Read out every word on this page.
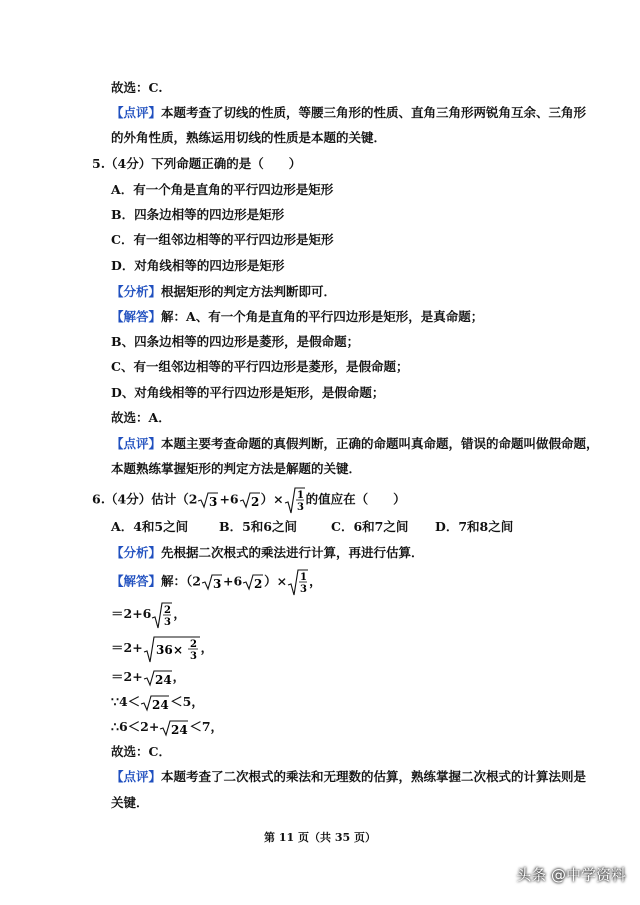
故选：C.
【点评】本题考查了切线的性质，等腰三角形的性质、直角三角形两锐角互余、三角形
的外角性质，熟练运用切线的性质是本题的关键．
5.（4分）下列命题正确的是（　　）
A．有一个角是直角的平行四边形是矩形
B．四条边相等的四边形是矩形
C．有一组邻边相等的平行四边形是矩形
D．对角线相等的四边形是矩形
【分析】根据矩形的判定方法判断即可．
【解答】解：A、有一个角是直角的平行四边形是矩形，是真命题；
B、四条边相等的四边形是菱形，是假命题；
C、有一组邻边相等的平行四边形是菱形，是假命题；
D、对角线相等的平行四边形是矩形，是假命题；
故选：A．
【点评】本题主要考查命题的真假判断，正确的命题叫真命题，错误的命题叫做假命题，
本题熟练掌握矩形的判定方法是解题的关键．
6.（4分）估计（2 3 +6 2 ）× 1
3
的值应在（　　）
A．4和5之间 B．5和6之间	C．6和7之间 D．7和8之间
【分析】先根据二次根式的乘法进行计算，再进行估算．
【解答】解：（2 3 +6 2 ）× 1
3
，
＝2+6 2
3
，
＝2+ 36 × 2
3
，
＝2+ 24 ，
∵4＜ 24 ＜5，
∴6＜2+ 24 ＜7，
故选：C．
【点评】本题考查了二次根式的乘法和无理数的估算，熟练掌握二次根式的计算法则是
关键．
第 11 页（共 35 页）
头条 @中学资料
